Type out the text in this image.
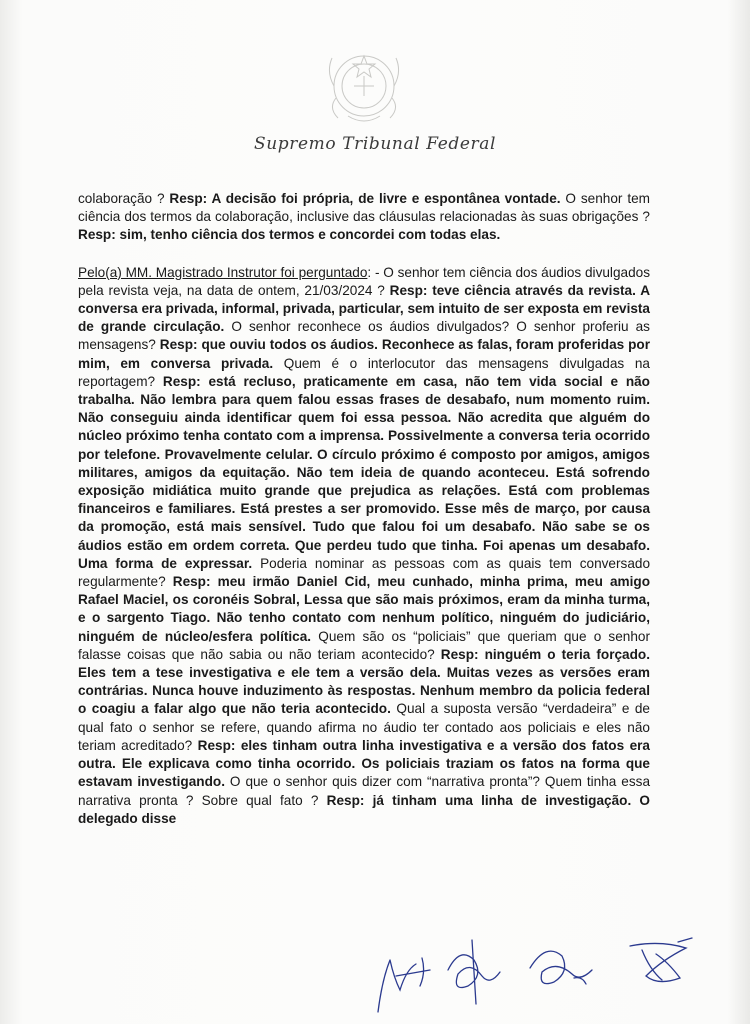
Supremo Tribunal Federal

colaboração ? Resp: A decisão foi própria, de livre e espontânea vontade. O senhor tem ciência dos termos da colaboração, inclusive das cláusulas relacionadas às suas obrigações ? Resp: sim, tenho ciência dos termos e concordei com todas elas.

Pelo(a) MM. Magistrado Instrutor foi perguntado: - O senhor tem ciência dos áudios divulgados pela revista veja, na data de ontem, 21/03/2024 ? Resp: teve ciência através da revista. A conversa era privada, informal, privada, particular, sem intuito de ser exposta em revista de grande circulação. O senhor reconhece os áudios divulgados? O senhor proferiu as mensagens? Resp: que ouviu todos os áudios. Reconhece as falas, foram proferidas por mim, em conversa privada. Quem é o interlocutor das mensagens divulgadas na reportagem? Resp: está recluso, praticamente em casa, não tem vida social e não trabalha. Não lembra para quem falou essas frases de desabafo, num momento ruim. Não conseguiu ainda identificar quem foi essa pessoa. Não acredita que alguém do núcleo próximo tenha contato com a imprensa. Possivelmente a conversa teria ocorrido por telefone. Provavelmente celular. O círculo próximo é composto por amigos, amigos militares, amigos da equitação. Não tem ideia de quando aconteceu. Está sofrendo exposição midiática muito grande que prejudica as relações. Está com problemas financeiros e familiares. Está prestes a ser promovido. Esse mês de março, por causa da promoção, está mais sensível. Tudo que falou foi um desabafo. Não sabe se os áudios estão em ordem correta. Que perdeu tudo que tinha. Foi apenas um desabafo. Uma forma de expressar. Poderia nominar as pessoas com as quais tem conversado regularmente? Resp: meu irmão Daniel Cid, meu cunhado, minha prima, meu amigo Rafael Maciel, os coronéis Sobral, Lessa que são mais próximos, eram da minha turma, e o sargento Tiago. Não tenho contato com nenhum político, ninguém do judiciário, ninguém de núcleo/esfera política. Quem são os “policiais” que queriam que o senhor falasse coisas que não sabia ou não teriam acontecido? Resp: ninguém o teria forçado. Eles tem a tese investigativa e ele tem a versão dela. Muitas vezes as versões eram contrárias. Nunca houve induzimento às respostas. Nenhum membro da policia federal o coagiu a falar algo que não teria acontecido. Qual a suposta versão “verdadeira” e de qual fato o senhor se refere, quando afirma no áudio ter contado aos policiais e eles não teriam acreditado? Resp: eles tinham outra linha investigativa e a versão dos fatos era outra. Ele explicava como tinha ocorrido. Os policiais traziam os fatos na forma que estavam investigando. O que o senhor quis dizer com “narrativa pronta”? Quem tinha essa narrativa pronta ? Sobre qual fato ? Resp: já tinham uma linha de investigação. O delegado disse
